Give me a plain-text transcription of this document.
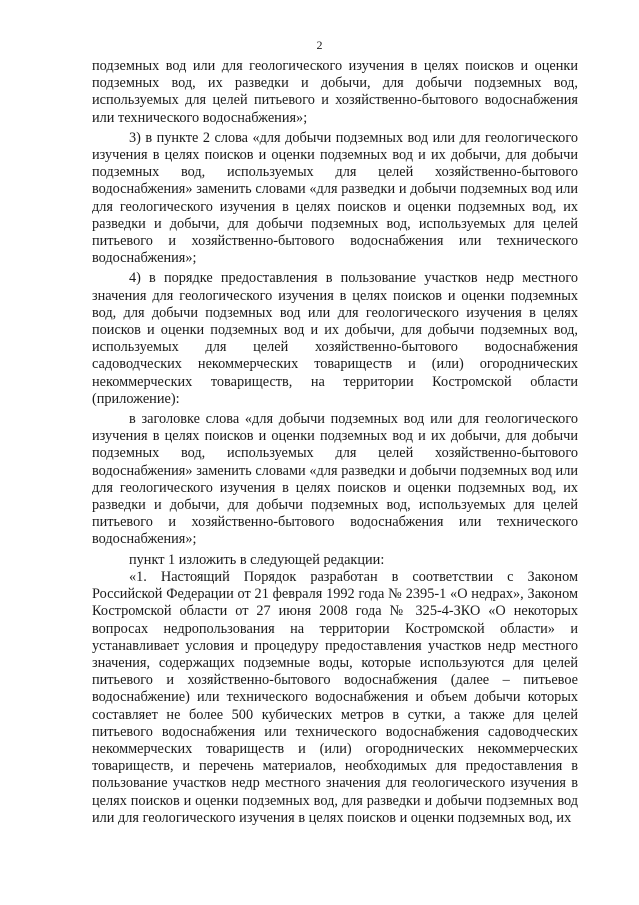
2

подземных вод или для геологического изучения в целях поисков и оценки подземных вод, их разведки и добычи, для добычи подземных вод, используемых для целей питьевого и хозяйственно-бытового водоснабжения или технического водоснабжения»;

3) в пункте 2 слова «для добычи подземных вод или для геологического изучения в целях поисков и оценки подземных вод и их добычи, для добычи подземных вод, используемых для целей хозяйственно-бытового водоснабжения» заменить словами «для разведки и добычи подземных вод или для геологического изучения в целях поисков и оценки подземных вод, их разведки и добычи, для добычи подземных вод, используемых для целей питьевого и хозяйственно-бытового водоснабжения или технического водоснабжения»;

4) в порядке предоставления в пользование участков недр местного значения для геологического изучения в целях поисков и оценки подземных вод, для добычи подземных вод или для геологического изучения в целях поисков и оценки подземных вод и их добычи, для добычи подземных вод, используемых для целей хозяйственно-бытового водоснабжения садоводческих некоммерческих товариществ и (или) огороднических некоммерческих товариществ, на территории Костромской области (приложение):

в заголовке слова «для добычи подземных вод или для геологического изучения в целях поисков и оценки подземных вод и их добычи, для добычи подземных вод, используемых для целей хозяйственно-бытового водоснабжения» заменить словами «для разведки и добычи подземных вод или для геологического изучения в целях поисков и оценки подземных вод, их разведки и добычи, для добычи подземных вод, используемых для целей питьевого и хозяйственно-бытового водоснабжения или технического водоснабжения»;

пункт 1 изложить в следующей редакции:

«1. Настоящий Порядок разработан в соответствии с Законом Российской Федерации от 21 февраля 1992 года № 2395-1 «О недрах», Законом Костромской области от 27 июня 2008 года № 325-4-ЗКО «О некоторых вопросах недропользования на территории Костромской области» и устанавливает условия и процедуру предоставления участков недр местного значения, содержащих подземные воды, которые используются для целей питьевого и хозяйственно-бытового водоснабжения (далее – питьевое водоснабжение) или технического водоснабжения и объем добычи которых составляет не более 500 кубических метров в сутки, а также для целей питьевого водоснабжения или технического водоснабжения садоводческих некоммерческих товариществ и (или) огороднических некоммерческих товариществ, и перечень материалов, необходимых для предоставления в пользование участков недр местного значения для геологического изучения в целях поисков и оценки подземных вод, для разведки и добычи подземных вод или для геологического изучения в целях поисков и оценки подземных вод, их
